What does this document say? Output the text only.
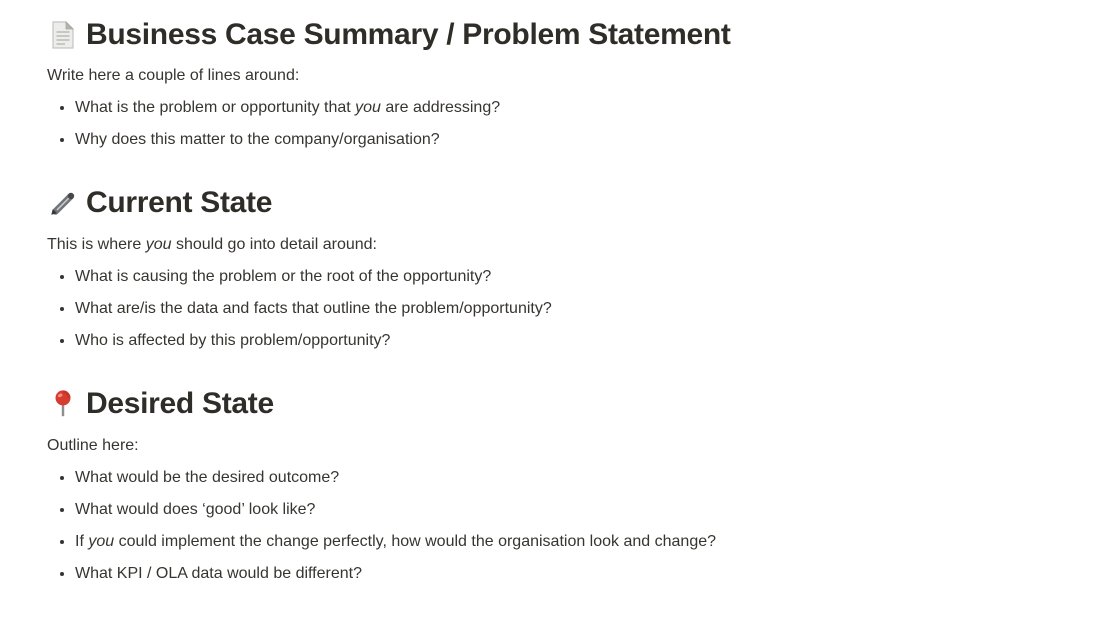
Business Case Summary / Problem Statement

Write here a couple of lines around:

• What is the problem or opportunity that you are addressing?
• Why does this matter to the company/organisation?
Current State

This is where you should go into detail around:

• What is causing the problem or the root of the opportunity?
• What are/is the data and facts that outline the problem/opportunity?
• Who is affected by this problem/opportunity?
Desired State

Outline here:

• What would be the desired outcome?
• What would does ‘good’ look like?
• If you could implement the change perfectly, how would the organisation look and change?
• What KPI / OLA data would be different?
